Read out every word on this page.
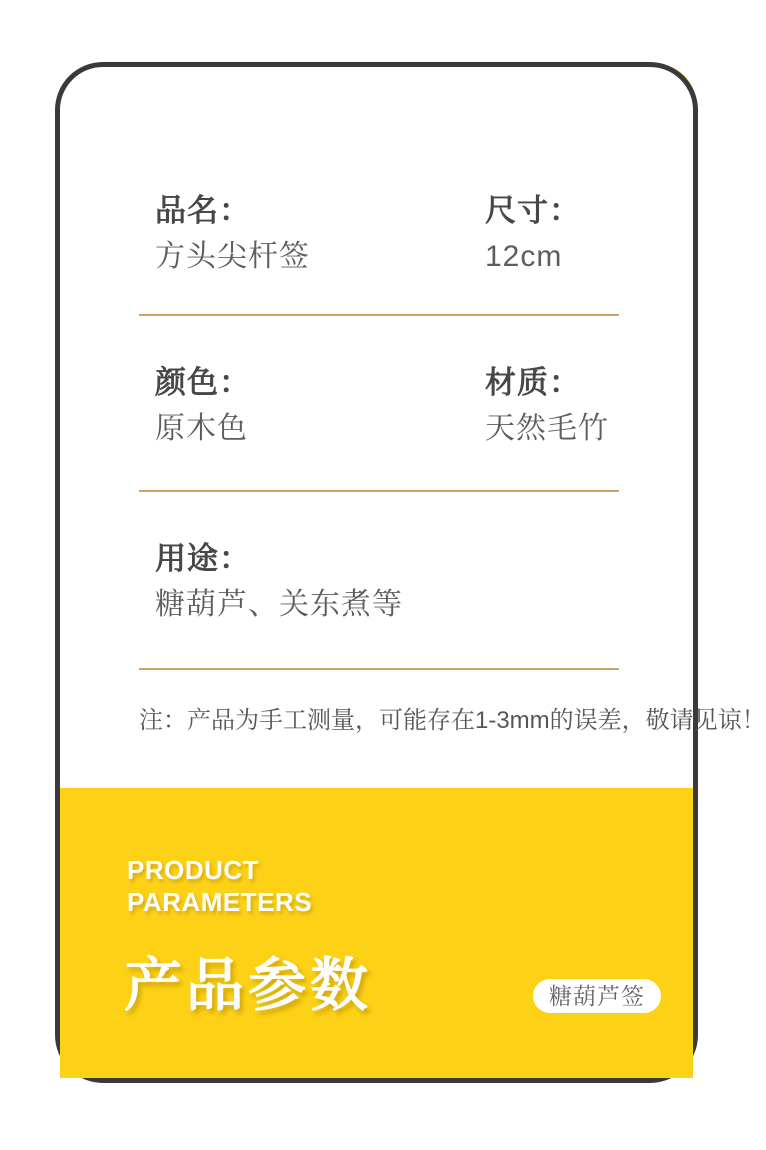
品名：
方头尖杆签
尺寸：
12cm
颜色：
原木色
材质：
天然毛竹
用途：
糖葫芦、关东煮等
注：产品为手工测量，可能存在1-3mm的误差，敬请见谅！
PRODUCT
PARAMETERS
产品参数	糖葫芦签
